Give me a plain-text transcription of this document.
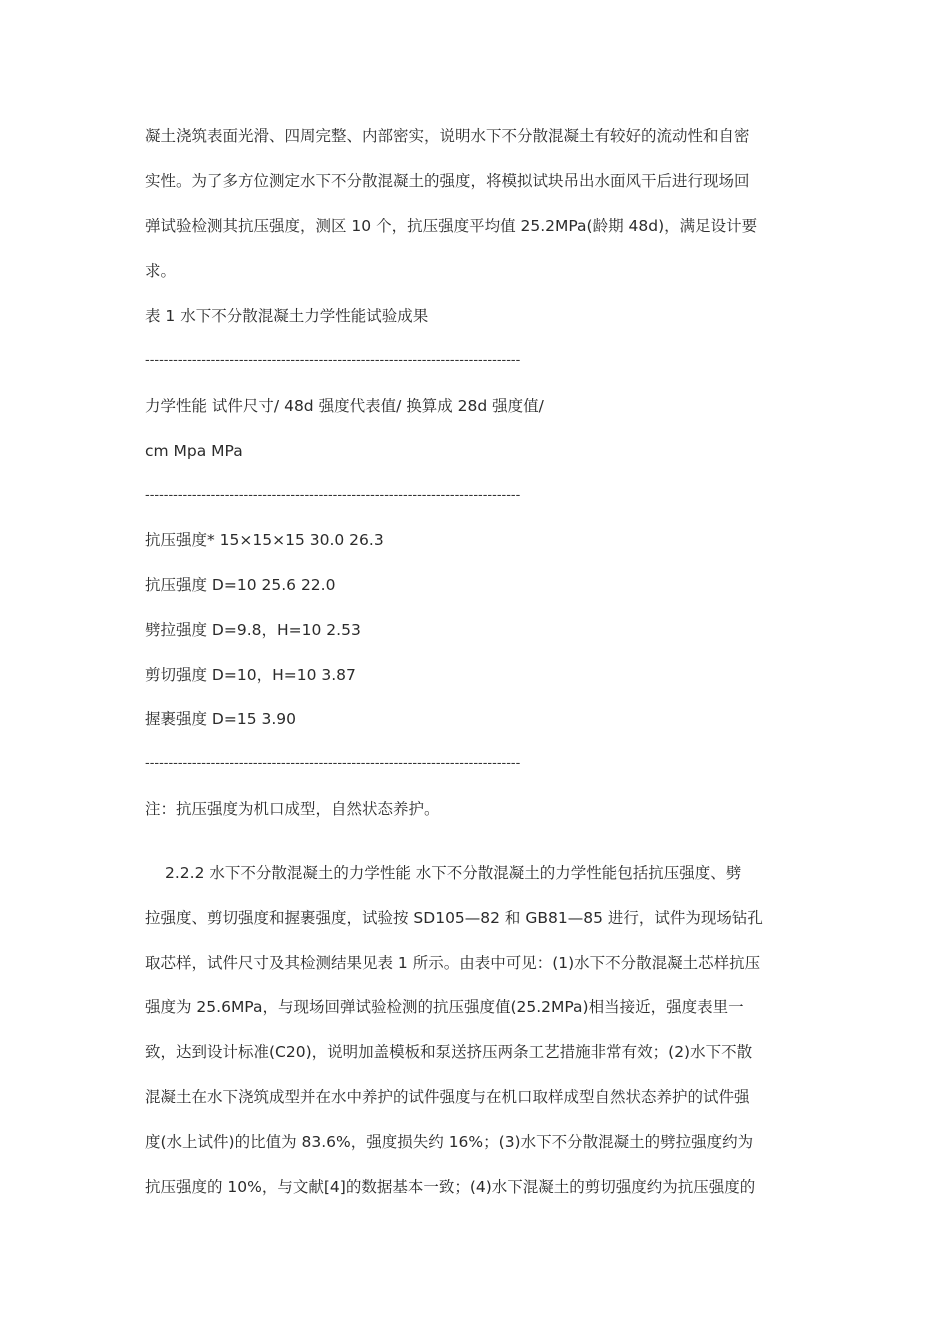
凝土浇筑表面光滑、四周完整、内部密实，说明水下不分散混凝土有较好的流动性和自密
实性。为了多方位测定水下不分散混凝土的强度，将模拟试块吊出水面风干后进行现场回
弹试验检测其抗压强度，测区 10 个，抗压强度平均值 25.2MPa(龄期 48d)，满足设计要
求。
表 1 水下不分散混凝土力学性能试验成果
--------------------------------------------------------------------------------
力学性能 试件尺寸/ 48d 强度代表值/ 换算成 28d 强度值/
cm Mpa MPa
--------------------------------------------------------------------------------
抗压强度* 15×15×15 30.0 26.3
抗压强度 D=10 25.6 22.0
劈拉强度 D=9.8，H=10 2.53
剪切强度 D=10，H=10 3.87
握裹强度 D=15 3.90
--------------------------------------------------------------------------------
注：抗压强度为机口成型，自然状态养护。
2.2.2 水下不分散混凝土的力学性能 水下不分散混凝土的力学性能包括抗压强度、劈
拉强度、剪切强度和握裹强度，试验按 SD105—82 和 GB81—85 进行，试件为现场钻孔
取芯样，试件尺寸及其检测结果见表 1 所示。由表中可见：(1)水下不分散混凝土芯样抗压
强度为 25.6MPa，与现场回弹试验检测的抗压强度值(25.2MPa)相当接近，强度表里一
致，达到设计标准(C20)，说明加盖模板和泵送挤压两条工艺措施非常有效；(2)水下不散
混凝土在水下浇筑成型并在水中养护的试件强度与在机口取样成型自然状态养护的试件强
度(水上试件)的比值为 83.6%，强度损失约 16%；(3)水下不分散混凝土的劈拉强度约为
抗压强度的 10%，与文献[4]的数据基本一致；(4)水下混凝土的剪切强度约为抗压强度的
